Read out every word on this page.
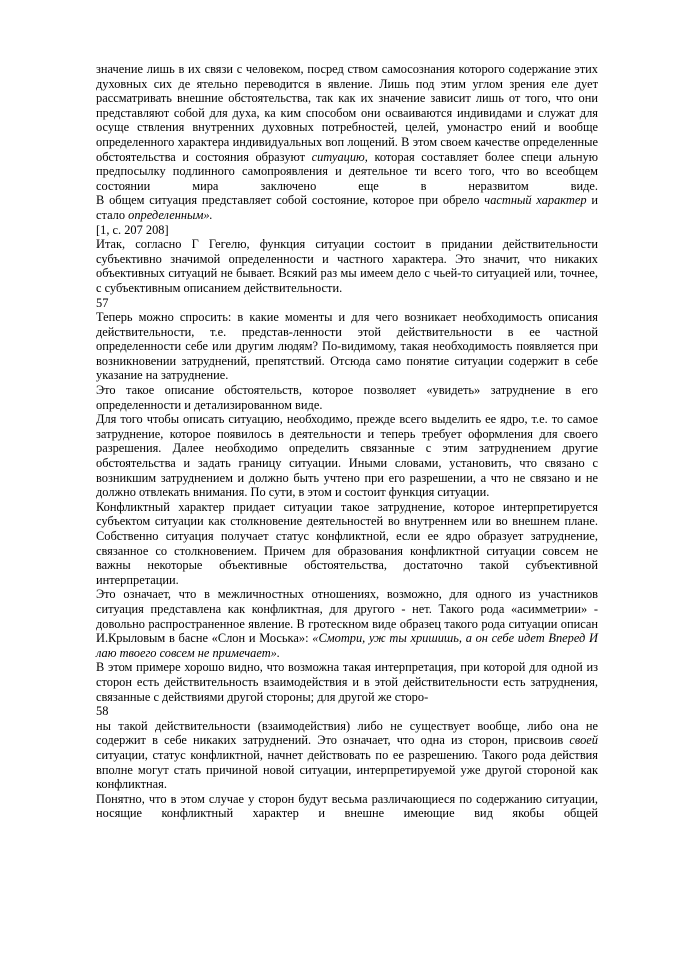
значение лишь в их связи с человеком, посред ством самосознания которого содержание этих духовных сих де ятельно переводится в явление. Лишь под этим углом зрения еле дует рассматривать внешние обстоятельства, так как их значение зависит лишь от того, что они представляют собой для духа, ка ким способом они осваиваются индивидами и служат для осуще ствления внутренних духовных потребностей, целей, умонастро ений и вообще определенного характера индивидуальных воп лощений. В этом своем качестве определенные обстоятельства и состояния образуют ситуацию, которая составляет более специ альную предпосылку подлинного самопроявления и деятельное ти всего того, что во всеобщем состоянии мира заключено еще в неразвитом виде.

В общем ситуация представляет собой состояние, которое при обрело частный характер и стало определенным».

[1, с. 207 208]

Итак, согласно Г Гегелю, функция ситуации состоит в придании действительности субъективно значимой определенности и частного характера. Это значит, что никаких объективных ситуаций не бывает. Всякий раз мы имеем дело с чьей-то ситуацией или, точнее, с субъективным описанием действительности.

57

Теперь можно спросить: в какие моменты и для чего возникает необходимость описания действительности, т.е. представ-ленности этой действительности в ее частной определенности себе или другим людям? По-видимому, такая необходимость появляется при возникновении затруднений, препятствий. Отсюда само понятие ситуации содержит в себе указание на затруднение.

Это такое описание обстоятельств, которое позволяет «увидеть» затруднение в его определенности и детализированном виде.

Для того чтобы описать ситуацию, необходимо, прежде всего выделить ее ядро, т.е. то самое затруднение, которое появилось в деятельности и теперь требует оформления для своего разрешения. Далее необходимо определить связанные с этим затруднением другие обстоятельства и задать границу ситуации. Иными словами, установить, что связано с возникшим затруднением и должно быть учтено при его разрешении, а что не связано и не должно отвлекать внимания. По сути, в этом и состоит функция ситуации.

Конфликтный характер придает ситуации такое затруднение, которое интерпретируется субъектом ситуации как столкновение деятельностей во внутреннем или во внешнем плане. Собственно ситуация получает статус конфликтной, если ее ядро образует затруднение, связанное со столкновением. Причем для образования конфликтной ситуации совсем не важны некоторые объективные обстоятельства, достаточно такой субъективной интерпретации.

Это означает, что в межличностных отношениях, возможно, для одного из участников ситуация представлена как конфликтная, для другого - нет. Такого рода «асимметрии» - довольно распространенное явление. В гротескном виде образец такого рода ситуации описан И.Крыловым в басне «Слон и Моська»: «Смотри, уж ты хришишь, а он себе идет Вперед И лаю твоего совсем не примечает».

В этом примере хорошо видно, что возможна такая интерпретация, при которой для одной из сторон есть действительность взаимодействия и в этой действительности есть затруднения, связанные с действиями другой стороны; для другой же сторо-

58

ны такой действительности (взаимодействия) либо не существует вообще, либо она не содержит в себе никаких затруднений. Это означает, что одна из сторон, присвоив своей ситуации, статус конфликтной, начнет действовать по ее разрешению. Такого рода действия вполне могут стать причиной новой ситуации, интерпретируемой уже другой стороной как конфликтная.

Понятно, что в этом случае у сторон будут весьма различающиеся по содержанию ситуации, носящие конфликтный характер и внешне имеющие вид якобы общей
